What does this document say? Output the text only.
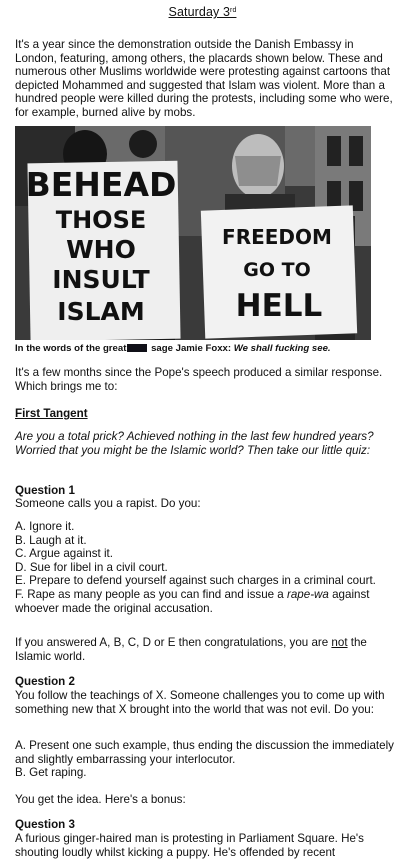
Saturday 3rd

It's a year since the demonstration outside the Danish Embassy in London, featuring, among others, the placards shown below. These and numerous other Muslims worldwide were protesting against cartoons that depicted Mohammed and suggested that Islam was violent. More than a hundred people were killed during the protests, including some who were, for example, burned alive by mobs.

BEHEAD
THOSE
WHO
INSULT
ISLAM
FREEDOM
GO TO
HELL
In the words of the great sage Jamie Foxx: We shall fucking see.

It's a few months since the Pope's speech produced a similar response. Which brings me to:

First Tangent

Are you a total prick? Achieved nothing in the last few hundred years? Worried that you might be the Islamic world? Then take our little quiz:

Question 1

Someone calls you a rapist. Do you:

A. Ignore it.
B. Laugh at it.
C. Argue against it.
D. Sue for libel in a civil court.
E. Prepare to defend yourself against such charges in a criminal court.
F. Rape as many people as you can find and issue a rape-wa against whoever made the original accusation.

If you answered A, B, C, D or E then congratulations, you are not the Islamic world.

Question 2

You follow the teachings of X. Someone challenges you to come up with something new that X brought into the world that was not evil. Do you:

A. Present one such example, thus ending the discussion the immediately and slightly embarrassing your interlocutor.

B. Get raping.

You get the idea. Here's a bonus:

Question 3

A furious ginger-haired man is protesting in Parliament Square. He's shouting loudly whilst kicking a puppy. He's offended by recent
